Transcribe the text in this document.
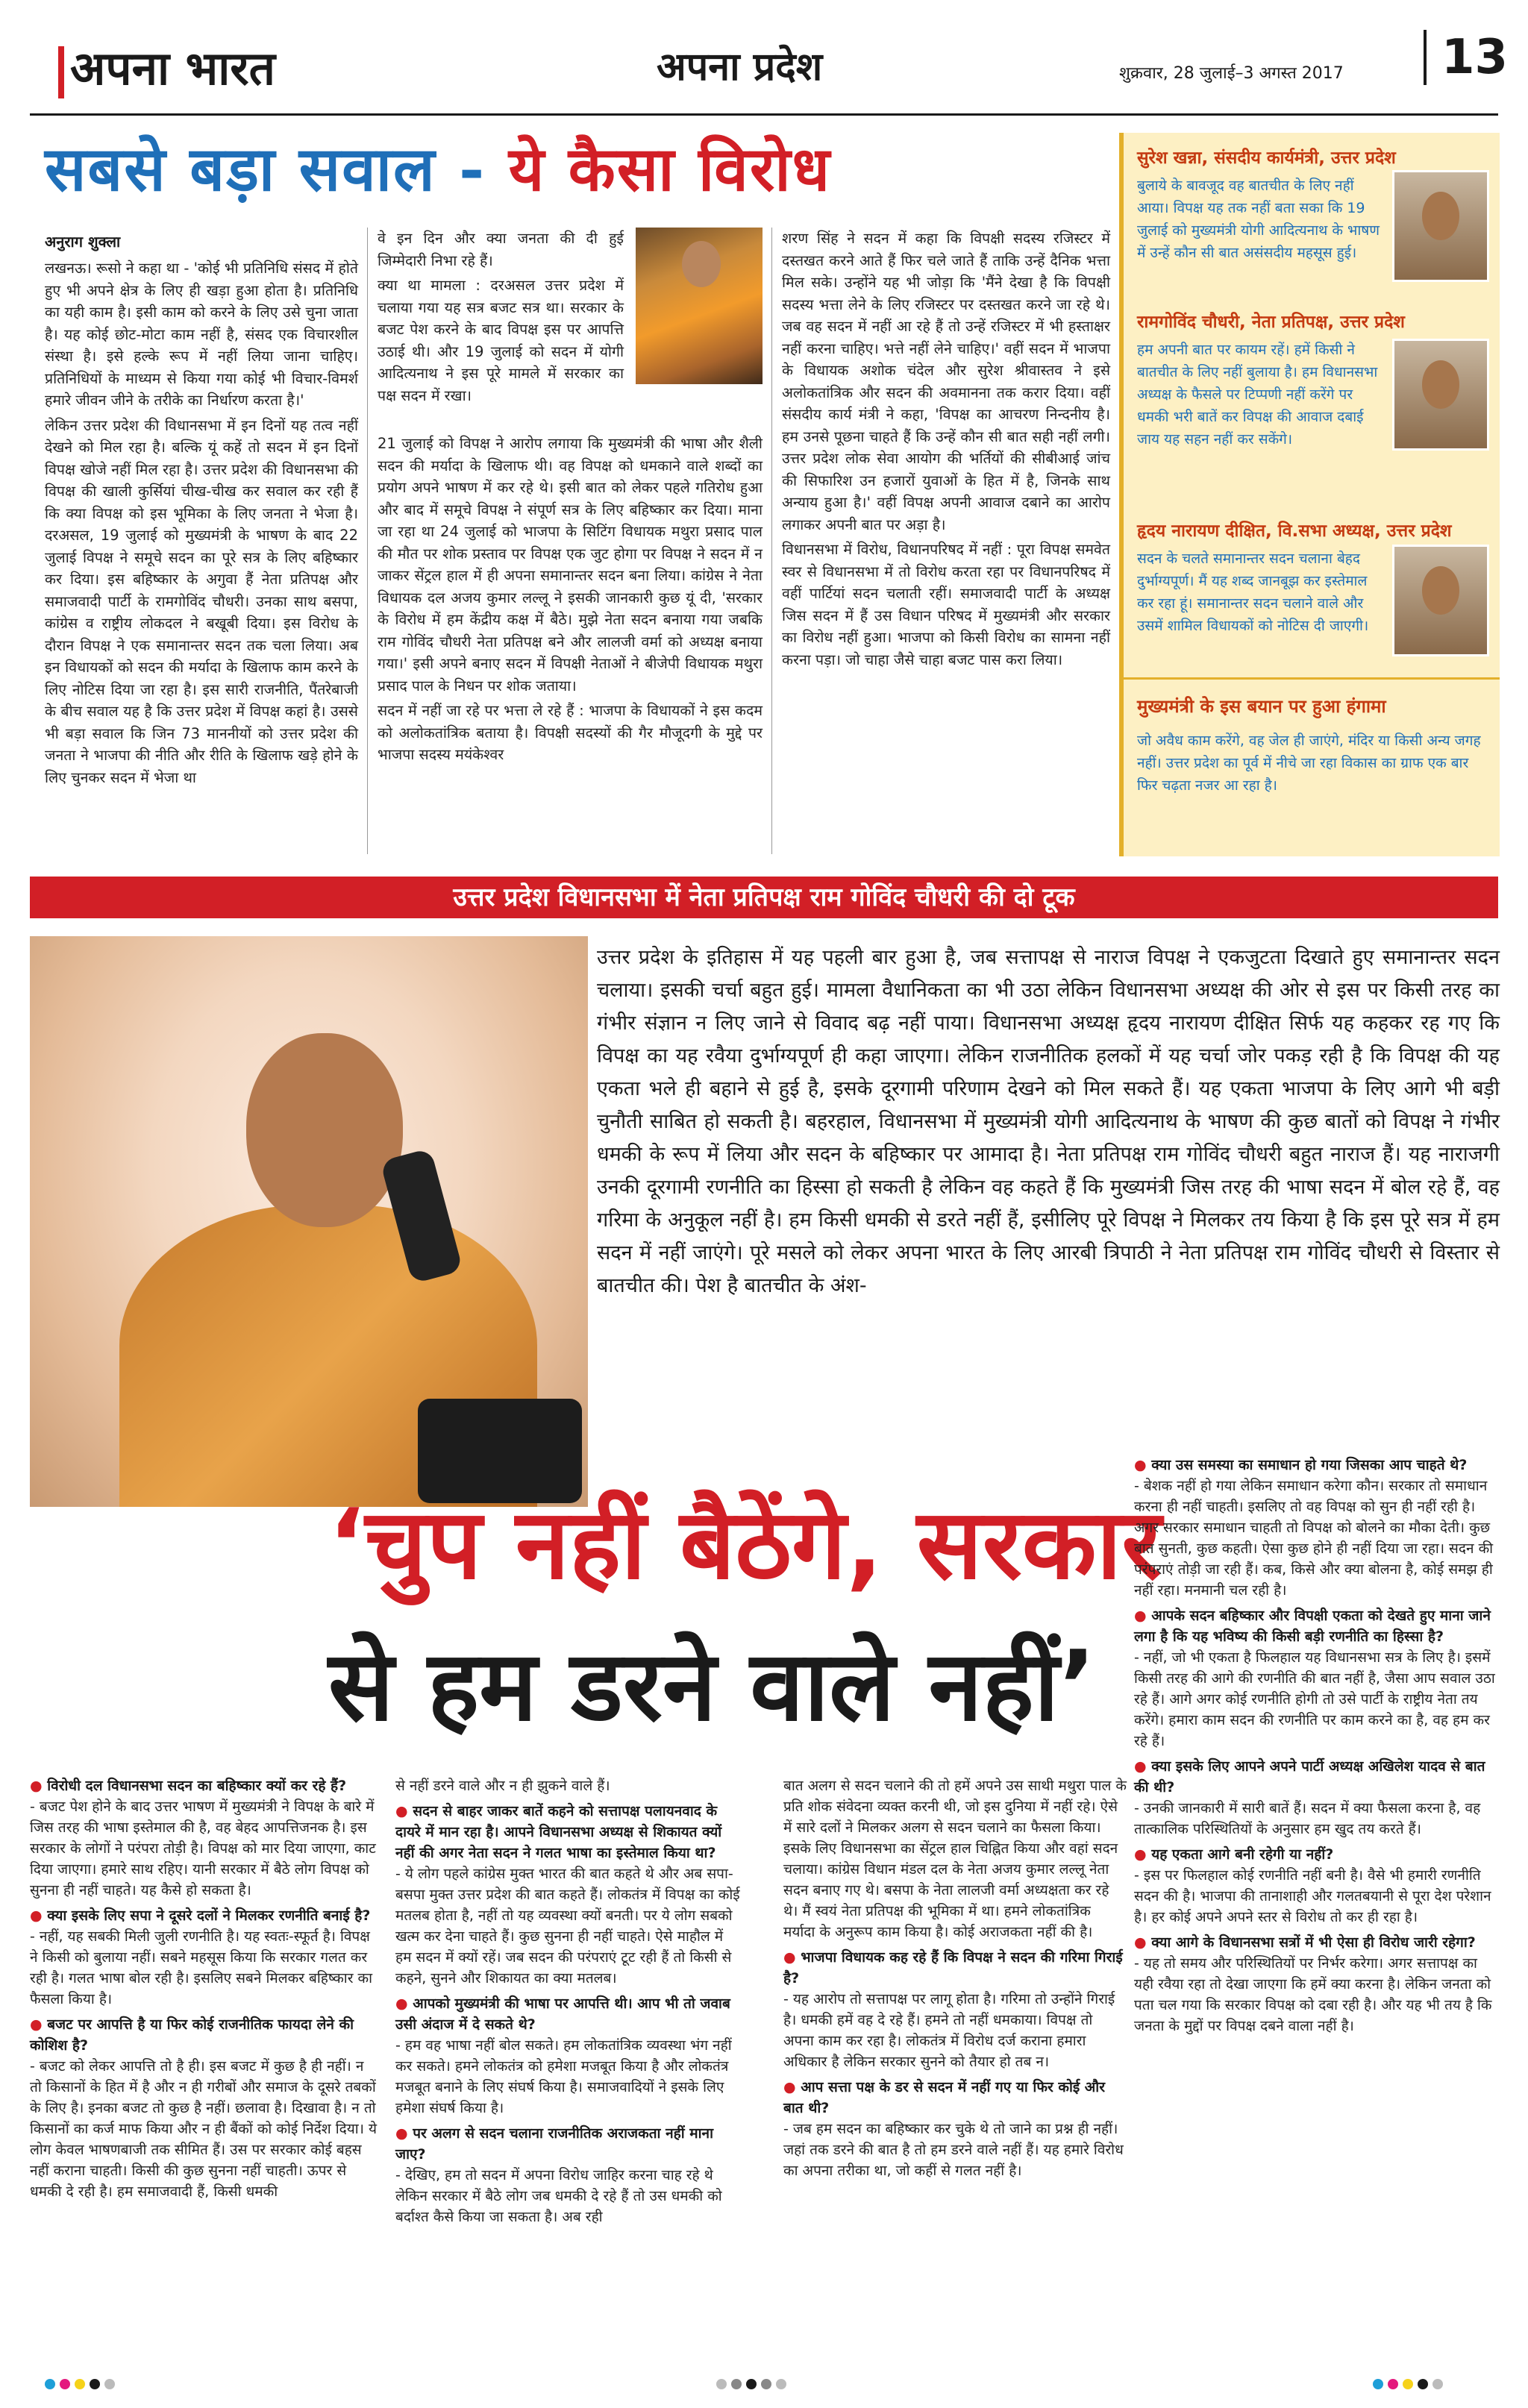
अपना भारत	अपना प्रदेश	शुक्रवार, 28 जुलाई–3 अगस्त 2017	13
सबसे बड़ा सवाल - ये कैसा विरोध
अनुराग शुक्ला

लखनऊ। रूसो ने कहा था - 'कोई भी प्रतिनिधि संसद में होते हुए भी अपने क्षेत्र के लिए ही खड़ा हुआ होता है। प्रतिनिधि का यही काम है। इसी काम को करने के लिए उसे चुना जाता है। यह कोई छोट-मोटा काम नहीं है, संसद एक विचारशील संस्था है। इसे हल्के रूप में नहीं लिया जाना चाहिए। प्रतिनिधियों के माध्यम से किया गया कोई भी विचार-विमर्श हमारे जीवन जीने के तरीके का निर्धारण करता है।'

लेकिन उत्तर प्रदेश की विधानसभा में इन दिनों यह तत्व नहीं देखने को मिल रहा है। बल्कि यूं कहें तो सदन में इन दिनों विपक्ष खोजे नहीं मिल रहा है। उत्तर प्रदेश की विधानसभा की विपक्ष की खाली कुर्सियां चीख-चीख कर सवाल कर रही हैं कि क्या विपक्ष को इस भूमिका के लिए जनता ने भेजा है। दरअसल, 19 जुलाई को मुख्यमंत्री के भाषण के बाद 22 जुलाई विपक्ष ने समूचे सदन का पूरे सत्र के लिए बहिष्कार कर दिया। इस बहिष्कार के अगुवा हैं नेता प्रतिपक्ष और समाजवादी पार्टी के रामगोविंद चौधरी। उनका साथ बसपा, कांग्रेस व राष्ट्रीय लोकदल ने बखूबी दिया। इस विरोध के दौरान विपक्ष ने एक समानान्तर सदन तक चला लिया। अब इन विधायकों को सदन की मर्यादा के खिलाफ काम करने के लिए नोटिस दिया जा रहा है। इस सारी राजनीति, पैंतरेबाजी के बीच सवाल यह है कि उत्तर प्रदेश में विपक्ष कहां है। उससे भी बड़ा सवाल कि जिन 73 माननीयों को उत्तर प्रदेश की जनता ने भाजपा की नीति और रीति के खिलाफ खड़े होने के लिए चुनकर सदन में भेजा था

वे इन दिन और क्या जनता की दी हुई जिम्मेदारी निभा रहे हैं।

क्या था मामला : दरअसल उत्तर प्रदेश में चलाया गया यह सत्र बजट सत्र था। सरकार के बजट पेश करने के बाद विपक्ष इस पर आपत्ति उठाई थी। और 19 जुलाई को सदन में योगी आदित्यनाथ ने इस पूरे मामले में सरकार का पक्ष सदन में रखा।

21 जुलाई को विपक्ष ने आरोप लगाया कि मुख्यमंत्री की भाषा और शैली सदन की मर्यादा के खिलाफ थी। वह विपक्ष को धमकाने वाले शब्दों का प्रयोग अपने भाषण में कर रहे थे। इसी बात को लेकर पहले गतिरोध हुआ और बाद में समूचे विपक्ष ने संपूर्ण सत्र के लिए बहिष्कार कर दिया। माना जा रहा था 24 जुलाई को भाजपा के सिटिंग विधायक मथुरा प्रसाद पाल की मौत पर शोक प्रस्ताव पर विपक्ष एक जुट होगा पर विपक्ष ने सदन में न जाकर सेंट्रल हाल में ही अपना समानान्तर सदन बना लिया। कांग्रेस ने नेता विधायक दल अजय कुमार लल्लू ने इसकी जानकारी कुछ यूं दी, 'सरकार के विरोध में हम केंद्रीय कक्ष में बैठे। मुझे नेता सदन बनाया गया जबकि राम गोविंद चौधरी नेता प्रतिपक्ष बने और लालजी वर्मा को अध्यक्ष बनाया गया।' इसी अपने बनाए सदन में विपक्षी नेताओं ने बीजेपी विधायक मथुरा प्रसाद पाल के निधन पर शोक जताया।

सदन में नहीं जा रहे पर भत्ता ले रहे हैं : भाजपा के विधायकों ने इस कदम को अलोकतांत्रिक बताया है। विपक्षी सदस्यों की गैर मौजूदगी के मुद्दे पर भाजपा सदस्य मयंकेश्वर

शरण सिंह ने सदन में कहा कि विपक्षी सदस्य रजिस्टर में दस्तखत करने आते हैं फिर चले जाते हैं ताकि उन्हें दैनिक भत्ता मिल सके। उन्होंने यह भी जोड़ा कि 'मैंने देखा है कि विपक्षी सदस्य भत्ता लेने के लिए रजिस्टर पर दस्तखत करने जा रहे थे। जब वह सदन में नहीं आ रहे हैं तो उन्हें रजिस्टर में भी हस्ताक्षर नहीं करना चाहिए। भत्ते नहीं लेने चाहिए।' वहीं सदन में भाजपा के विधायक अशोक चंदेल और सुरेश श्रीवास्तव ने इसे अलोकतांत्रिक और सदन की अवमानना तक करार दिया। वहीं संसदीय कार्य मंत्री ने कहा, 'विपक्ष का आचरण निन्दनीय है। हम उनसे पूछना चाहते हैं कि उन्हें कौन सी बात सही नहीं लगी। उत्तर प्रदेश लोक सेवा आयोग की भर्तियों की सीबीआई जांच की सिफारिश उन हजारों युवाओं के हित में है, जिनके साथ अन्याय हुआ है।' वहीं विपक्ष अपनी आवाज दबाने का आरोप लगाकर अपनी बात पर अड़ा है।

विधानसभा में विरोध, विधानपरिषद में नहीं : पूरा विपक्ष समवेत स्वर से विधानसभा में तो विरोध करता रहा पर विधानपरिषद में वहीं पार्टियां सदन चलाती रहीं। समाजवादी पार्टी के अध्यक्ष जिस सदन में हैं उस विधान परिषद में मुख्यमंत्री और सरकार का विरोध नहीं हुआ। भाजपा को किसी विरोध का सामना नहीं करना पड़ा। जो चाहा जैसे चाहा बजट पास करा लिया।

सुरेश खन्ना, संसदीय कार्यमंत्री, उत्तर प्रदेश
बुलाये के बावजूद वह बातचीत के लिए नहीं आया। विपक्ष यह तक नहीं बता सका कि 19 जुलाई को मुख्यमंत्री योगी आदित्यनाथ के भाषण में उन्हें कौन सी बात असंसदीय महसूस हुई।
रामगोविंद चौधरी, नेता प्रतिपक्ष, उत्तर प्रदेश
हम अपनी बात पर कायम रहें। हमें किसी ने बातचीत के लिए नहीं बुलाया है। हम विधानसभा अध्यक्ष के फैसले पर टिप्पणी नहीं करेंगे पर धमकी भरी बातें कर विपक्ष की आवाज दबाई जाय यह सहन नहीं कर सकेंगे।
हृदय नारायण दीक्षित, वि.सभा अध्यक्ष, उत्तर प्रदेश
सदन के चलते समानान्तर सदन चलाना बेहद दुर्भाग्यपूर्ण। मैं यह शब्द जानबूझ कर इस्तेमाल कर रहा हूं। समानान्तर सदन चलाने वाले और उसमें शामिल विधायकों को नोटिस दी जाएगी।
मुख्यमंत्री के इस बयान पर हुआ हंगामा
जो अवैध काम करेंगे, वह जेल ही जाएंगे, मंदिर या किसी अन्य जगह नहीं। उत्तर प्रदेश का पूर्व में नीचे जा रहा विकास का ग्राफ एक बार फिर चढ़ता नजर आ रहा है।
उत्तर प्रदेश विधानसभा में नेता प्रतिपक्ष राम गोविंद चौधरी की दो टूक
उत्तर प्रदेश के इतिहास में यह पहली बार हुआ है, जब सत्तापक्ष से नाराज विपक्ष ने एकजुटता दिखाते हुए समानान्तर सदन चलाया। इसकी चर्चा बहुत हुई। मामला वैधानिकता का भी उठा लेकिन विधानसभा अध्यक्ष की ओर से इस पर किसी तरह का गंभीर संज्ञान न लिए जाने से विवाद बढ़ नहीं पाया। विधानसभा अध्यक्ष हृदय नारायण दीक्षित सिर्फ यह कहकर रह गए कि विपक्ष का यह रवैया दुर्भाग्यपूर्ण ही कहा जाएगा। लेकिन राजनीतिक हलकों में यह चर्चा जोर पकड़ रही है कि विपक्ष की यह एकता भले ही बहाने से हुई है, इसके दूरगामी परिणाम देखने को मिल सकते हैं। यह एकता भाजपा के लिए आगे भी बड़ी चुनौती साबित हो सकती है। बहरहाल, विधानसभा में मुख्यमंत्री योगी आदित्यनाथ के भाषण की कुछ बातों को विपक्ष ने गंभीर धमकी के रूप में लिया और सदन के बहिष्कार पर आमादा है। नेता प्रतिपक्ष राम गोविंद चौधरी बहुत नाराज हैं। यह नाराजगी उनकी दूरगामी रणनीति का हिस्सा हो सकती है लेकिन वह कहते हैं कि मुख्यमंत्री जिस तरह की भाषा सदन में बोल रहे हैं, वह गरिमा के अनुकूल नहीं है। हम किसी धमकी से डरते नहीं हैं, इसीलिए पूरे विपक्ष ने मिलकर तय किया है कि इस पूरे सत्र में हम सदन में नहीं जाएंगे। पूरे मसले को लेकर अपना भारत के लिए आरबी त्रिपाठी ने नेता प्रतिपक्ष राम गोविंद चौधरी से विस्तार से बातचीत की। पेश है बातचीत के अंश-
‘चुप नहीं बैठेंगे, सरकार
से हम डरने वाले नहीं’
● विरोधी दल विधानसभा सदन का बहिष्कार क्यों कर रहे हैं?
- बजट पेश होने के बाद उत्तर भाषण में मुख्यमंत्री ने विपक्ष के बारे में जिस तरह की भाषा इस्तेमाल की है, वह बेहद आपत्तिजनक है। इस सरकार के लोगों ने परंपरा तोड़ी है। विपक्ष को मार दिया जाएगा, काट दिया जाएगा। हमारे साथ रहिए। यानी सरकार में बैठे लोग विपक्ष को सुनना ही नहीं चाहते। यह कैसे हो सकता है।
● क्या इसके लिए सपा ने दूसरे दलों ने मिलकर रणनीति बनाई है?
- नहीं, यह सबकी मिली जुली रणनीति है। यह स्वतः-स्फूर्त है। विपक्ष ने किसी को बुलाया नहीं। सबने महसूस किया कि सरकार गलत कर रही है। गलत भाषा बोल रही है। इसलिए सबने मिलकर बहिष्कार का फैसला किया है।
● बजट पर आपत्ति है या फिर कोई राजनीतिक फायदा लेने की कोशिश है?
- बजट को लेकर आपत्ति तो है ही। इस बजट में कुछ है ही नहीं। न तो किसानों के हित में है और न ही गरीबों और समाज के दूसरे तबकों के लिए है। इनका बजट तो कुछ है नहीं। छलावा है। दिखावा है। न तो किसानों का कर्ज माफ किया और न ही बैंकों को कोई निर्देश दिया। ये लोग केवल भाषणबाजी तक सीमित हैं। उस पर सरकार कोई बहस नहीं कराना चाहती। किसी की कुछ सुनना नहीं चाहती। ऊपर से धमकी दे रही है। हम समाजवादी हैं, किसी धमकी
से नहीं डरने वाले और न ही झुकने वाले हैं।
● सदन से बाहर जाकर बातें कहने को सत्तापक्ष पलायनवाद के दायरे में मान रहा है। आपने विधानसभा अध्यक्ष से शिकायत क्यों नहीं की अगर नेता सदन ने गलत भाषा का इस्तेमाल किया था?
- ये लोग पहले कांग्रेस मुक्त भारत की बात कहते थे और अब सपा-बसपा मुक्त उत्तर प्रदेश की बात कहते हैं। लोकतंत्र में विपक्ष का कोई मतलब होता है, नहीं तो यह व्यवस्था क्यों बनती। पर ये लोग सबको खत्म कर देना चाहते हैं। कुछ सुनना ही नहीं चाहते। ऐसे माहौल में हम सदन में क्यों रहें। जब सदन की परंपराएं टूट रही हैं तो किसी से कहने, सुनने और शिकायत का क्या मतलब।
● आपको मुख्यमंत्री की भाषा पर आपत्ति थी। आप भी तो जवाब उसी अंदाज में दे सकते थे?
- हम वह भाषा नहीं बोल सकते। हम लोकतांत्रिक व्यवस्था भंग नहीं कर सकते। हमने लोकतंत्र को हमेशा मजबूत किया है और लोकतंत्र मजबूत बनाने के लिए संघर्ष किया है। समाजवादियों ने इसके लिए हमेशा संघर्ष किया है।
● पर अलग से सदन चलाना राजनीतिक अराजकता नहीं माना जाए?
- देखिए, हम तो सदन में अपना विरोध जाहिर करना चाह रहे थे लेकिन सरकार में बैठे लोग जब धमकी दे रहे हैं तो उस धमकी को बर्दाश्त कैसे किया जा सकता है। अब रही
बात अलग से सदन चलाने की तो हमें अपने उस साथी मथुरा पाल के प्रति शोक संवेदना व्यक्त करनी थी, जो इस दुनिया में नहीं रहे। ऐसे में सारे दलों ने मिलकर अलग से सदन चलाने का फैसला किया। इसके लिए विधानसभा का सेंट्रल हाल चिह्नित किया और वहां सदन चलाया। कांग्रेस विधान मंडल दल के नेता अजय कुमार लल्लू नेता सदन बनाए गए थे। बसपा के नेता लालजी वर्मा अध्यक्षता कर रहे थे। मैं स्वयं नेता प्रतिपक्ष की भूमिका में था। हमने लोकतांत्रिक मर्यादा के अनुरूप काम किया है। कोई अराजकता नहीं की है।
● भाजपा विधायक कह रहे हैं कि विपक्ष ने सदन की गरिमा गिराई है?
- यह आरोप तो सत्तापक्ष पर लागू होता है। गरिमा तो उन्होंने गिराई है। धमकी हमें वह दे रहे हैं। हमने तो नहीं धमकाया। विपक्ष तो अपना काम कर रहा है। लोकतंत्र में विरोध दर्ज कराना हमारा अधिकार है लेकिन सरकार सुनने को तैयार हो तब न।
● आप सत्ता पक्ष के डर से सदन में नहीं गए या फिर कोई और बात थी?
- जब हम सदन का बहिष्कार कर चुके थे तो जाने का प्रश्न ही नहीं। जहां तक डरने की बात है तो हम डरने वाले नहीं हैं। यह हमारे विरोध का अपना तरीका था, जो कहीं से गलत नहीं है।
● क्या उस समस्या का समाधान हो गया जिसका आप चाहते थे?
- बेशक नहीं हो गया लेकिन समाधान करेगा कौन। सरकार तो समाधान करना ही नहीं चाहती। इसलिए तो वह विपक्ष को सुन ही नहीं रही है। अगर सरकार समाधान चाहती तो विपक्ष को बोलने का मौका देती। कुछ बात सुनती, कुछ कहती। ऐसा कुछ होने ही नहीं दिया जा रहा। सदन की परंपराएं तोड़ी जा रही हैं। कब, किसे और क्या बोलना है, कोई समझ ही नहीं रहा। मनमानी चल रही है।
● आपके सदन बहिष्कार और विपक्षी एकता को देखते हुए माना जाने लगा है कि यह भविष्य की किसी बड़ी रणनीति का हिस्सा है?
- नहीं, जो भी एकता है फिलहाल यह विधानसभा सत्र के लिए है। इसमें किसी तरह की आगे की रणनीति की बात नहीं है, जैसा आप सवाल उठा रहे हैं। आगे अगर कोई रणनीति होगी तो उसे पार्टी के राष्ट्रीय नेता तय करेंगे। हमारा काम सदन की रणनीति पर काम करने का है, वह हम कर रहे हैं।
● क्या इसके लिए आपने अपने पार्टी अध्यक्ष अखिलेश यादव से बात की थी?
- उनकी जानकारी में सारी बातें हैं। सदन में क्या फैसला करना है, वह तात्कालिक परिस्थितियों के अनुसार हम खुद तय करते हैं।
● यह एकता आगे बनी रहेगी या नहीं?
- इस पर फिलहाल कोई रणनीति नहीं बनी है। वैसे भी हमारी रणनीति सदन की है। भाजपा की तानाशाही और गलतबयानी से पूरा देश परेशान है। हर कोई अपने अपने स्तर से विरोध तो कर ही रहा है।
● क्या आगे के विधानसभा सत्रों में भी ऐसा ही विरोध जारी रहेगा?
- यह तो समय और परिस्थितियों पर निर्भर करेगा। अगर सत्तापक्ष का यही रवैया रहा तो देखा जाएगा कि हमें क्या करना है। लेकिन जनता को पता चल गया कि सरकार विपक्ष को दबा रही है। और यह भी तय है कि जनता के मुद्दों पर विपक्ष दबने वाला नहीं है।
